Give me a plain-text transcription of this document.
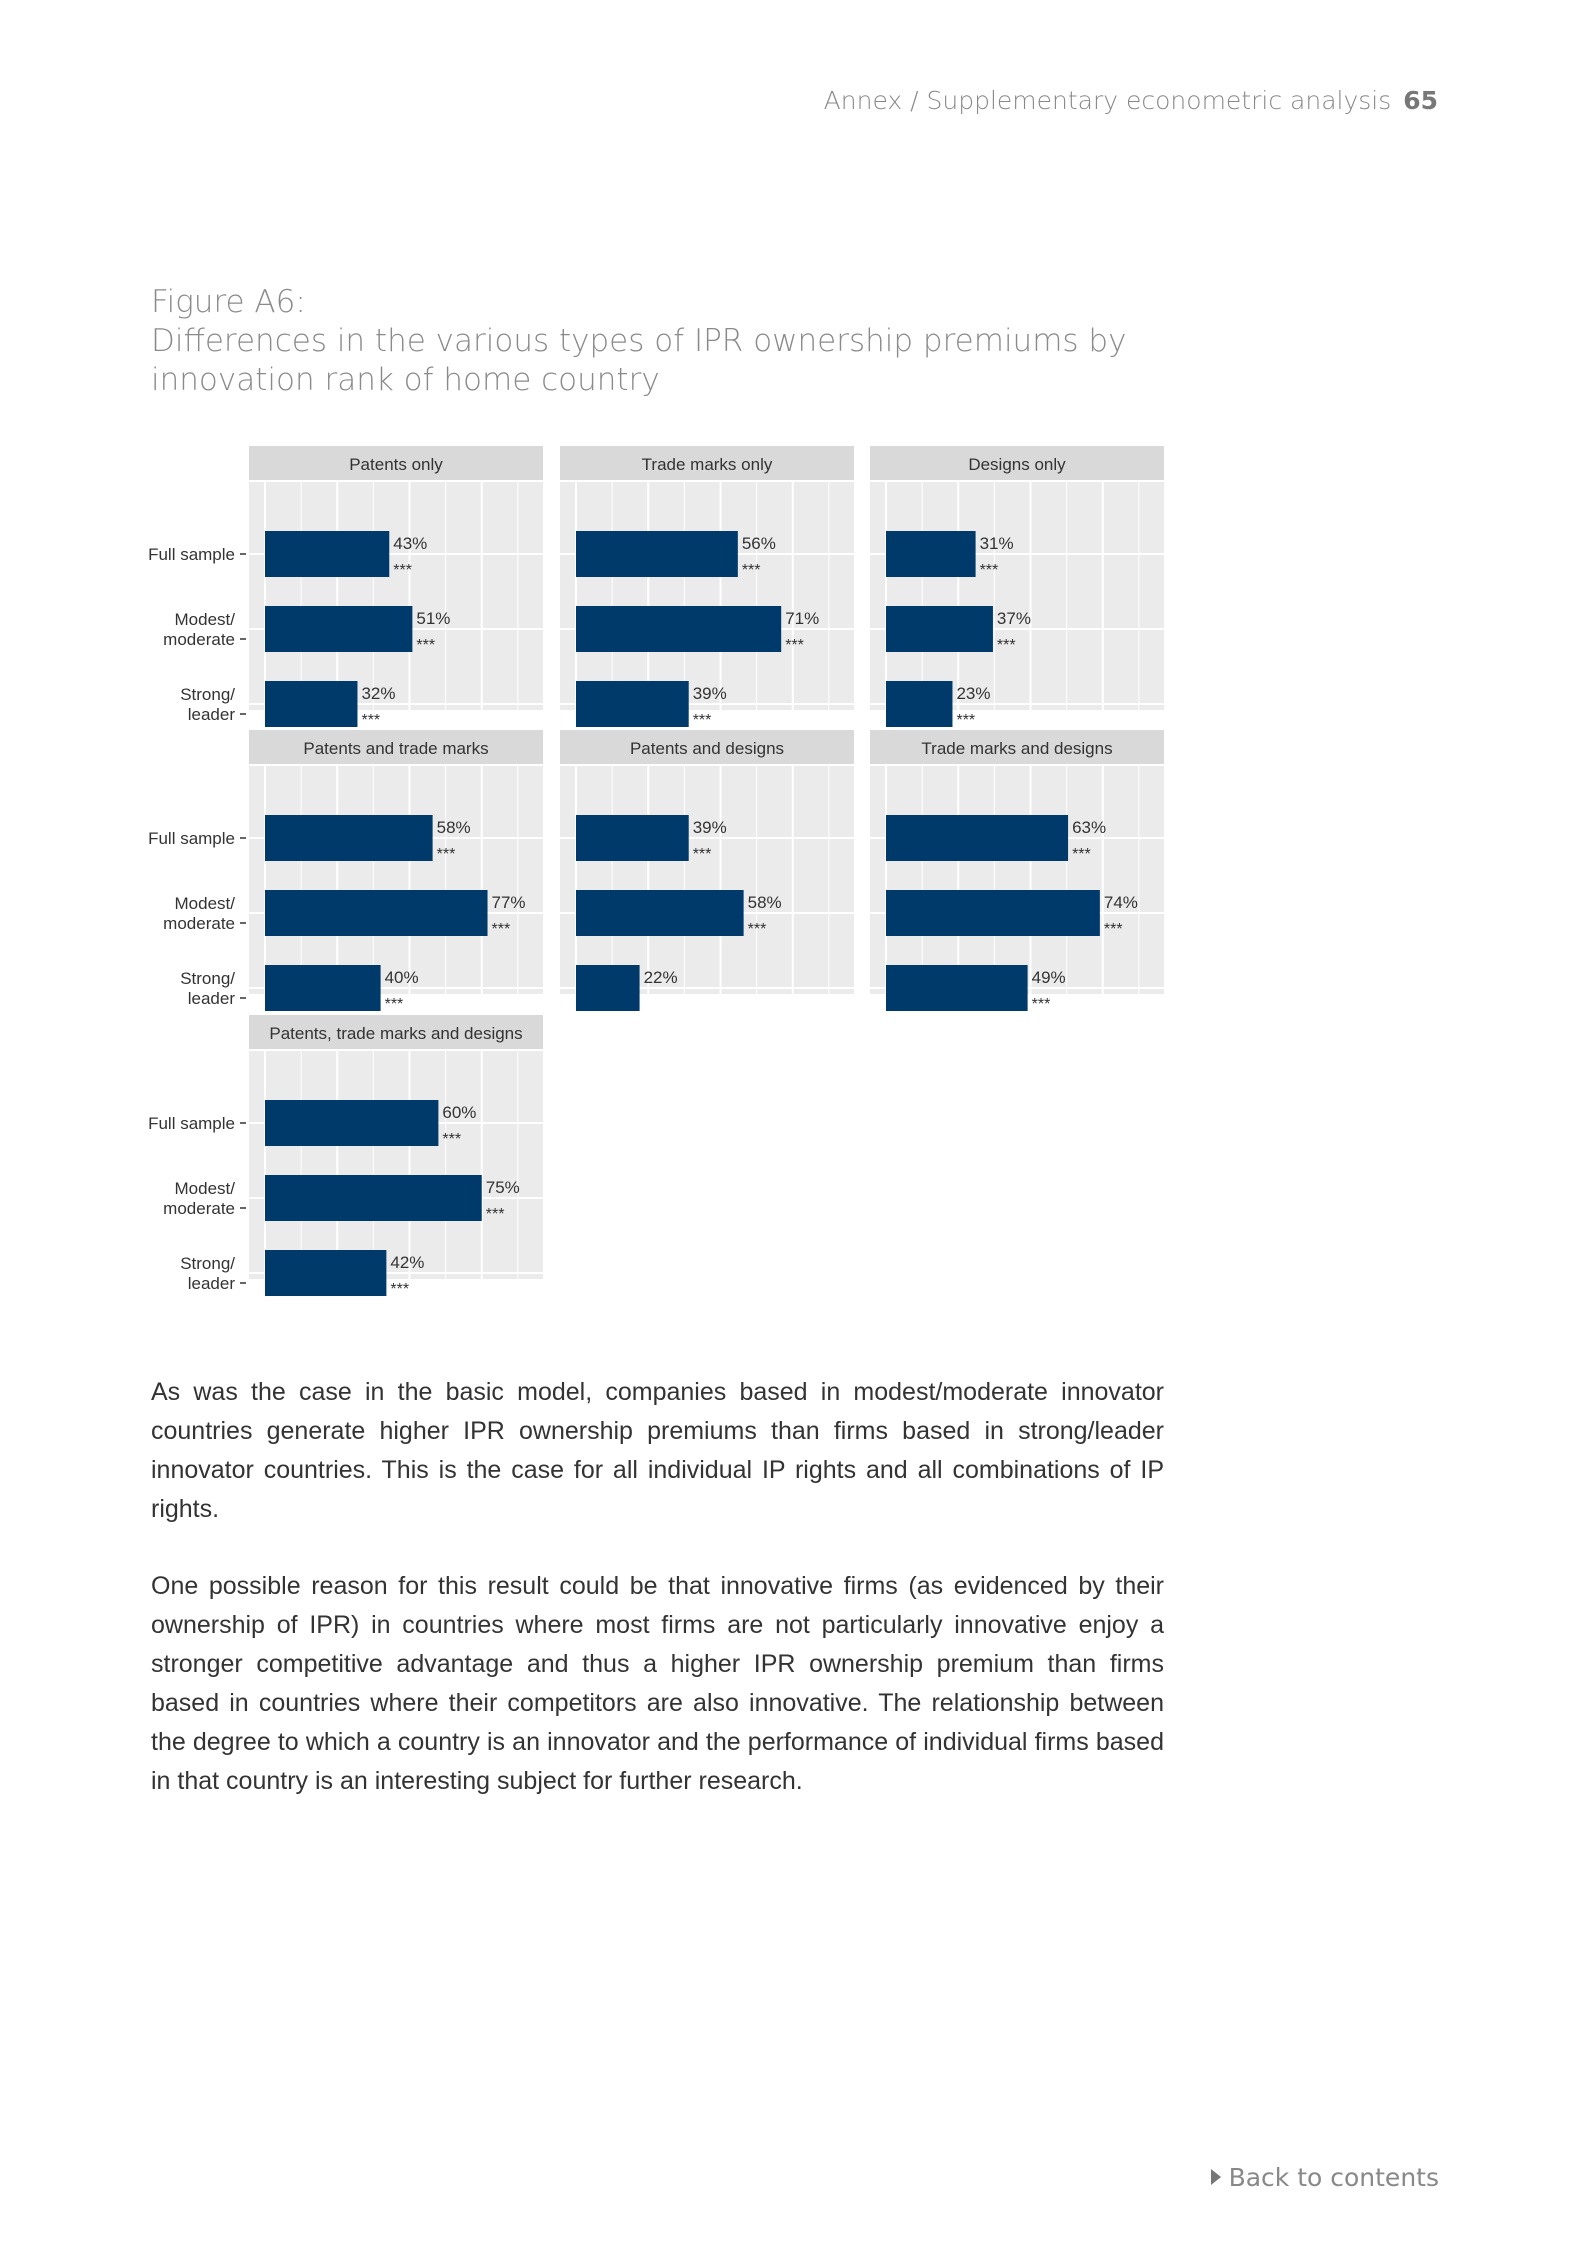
Annex / Supplementary econometric analysis 65
Figure A6:
Differences in the various types of IPR ownership premiums by
innovation rank of home country
Patents only
43%
***
51%
***
32%
***
Full sample
Modest/ moderate
Strong/ leader
Trade marks only
56%
***
71%
***
39%
***
Designs only
31%
***
37%
***
23%
***
Patents and trade marks
58%
***
77%
***
40%
***
Full sample
Modest/ moderate
Strong/ leader
Patents and designs
39%
***
58%
***
22%
Trade marks and designs
63%
***
74%
***
49%
***
Patents, trade marks and designs
60%
***
75%
***
42%
***
Full sample
Modest/ moderate
Strong/ leader

As was the case in the basic model, companies based in modest/moderate innovator countries generate higher IPR ownership premiums than firms based in strong/leader innovator countries. This is the case for all individual IP rights and all combinations of IP rights.

One possible reason for this result could be that innovative firms (as evidenced by their ownership of IPR) in countries where most firms are not particularly innovative enjoy a stronger competitive advantage and thus a higher IPR ownership premium than firms based in countries where their competitors are also innovative. The relationship between the degree to which a country is an innovator and the performance of individual firms based in that country is an interesting subject for further research.

Back to contents
